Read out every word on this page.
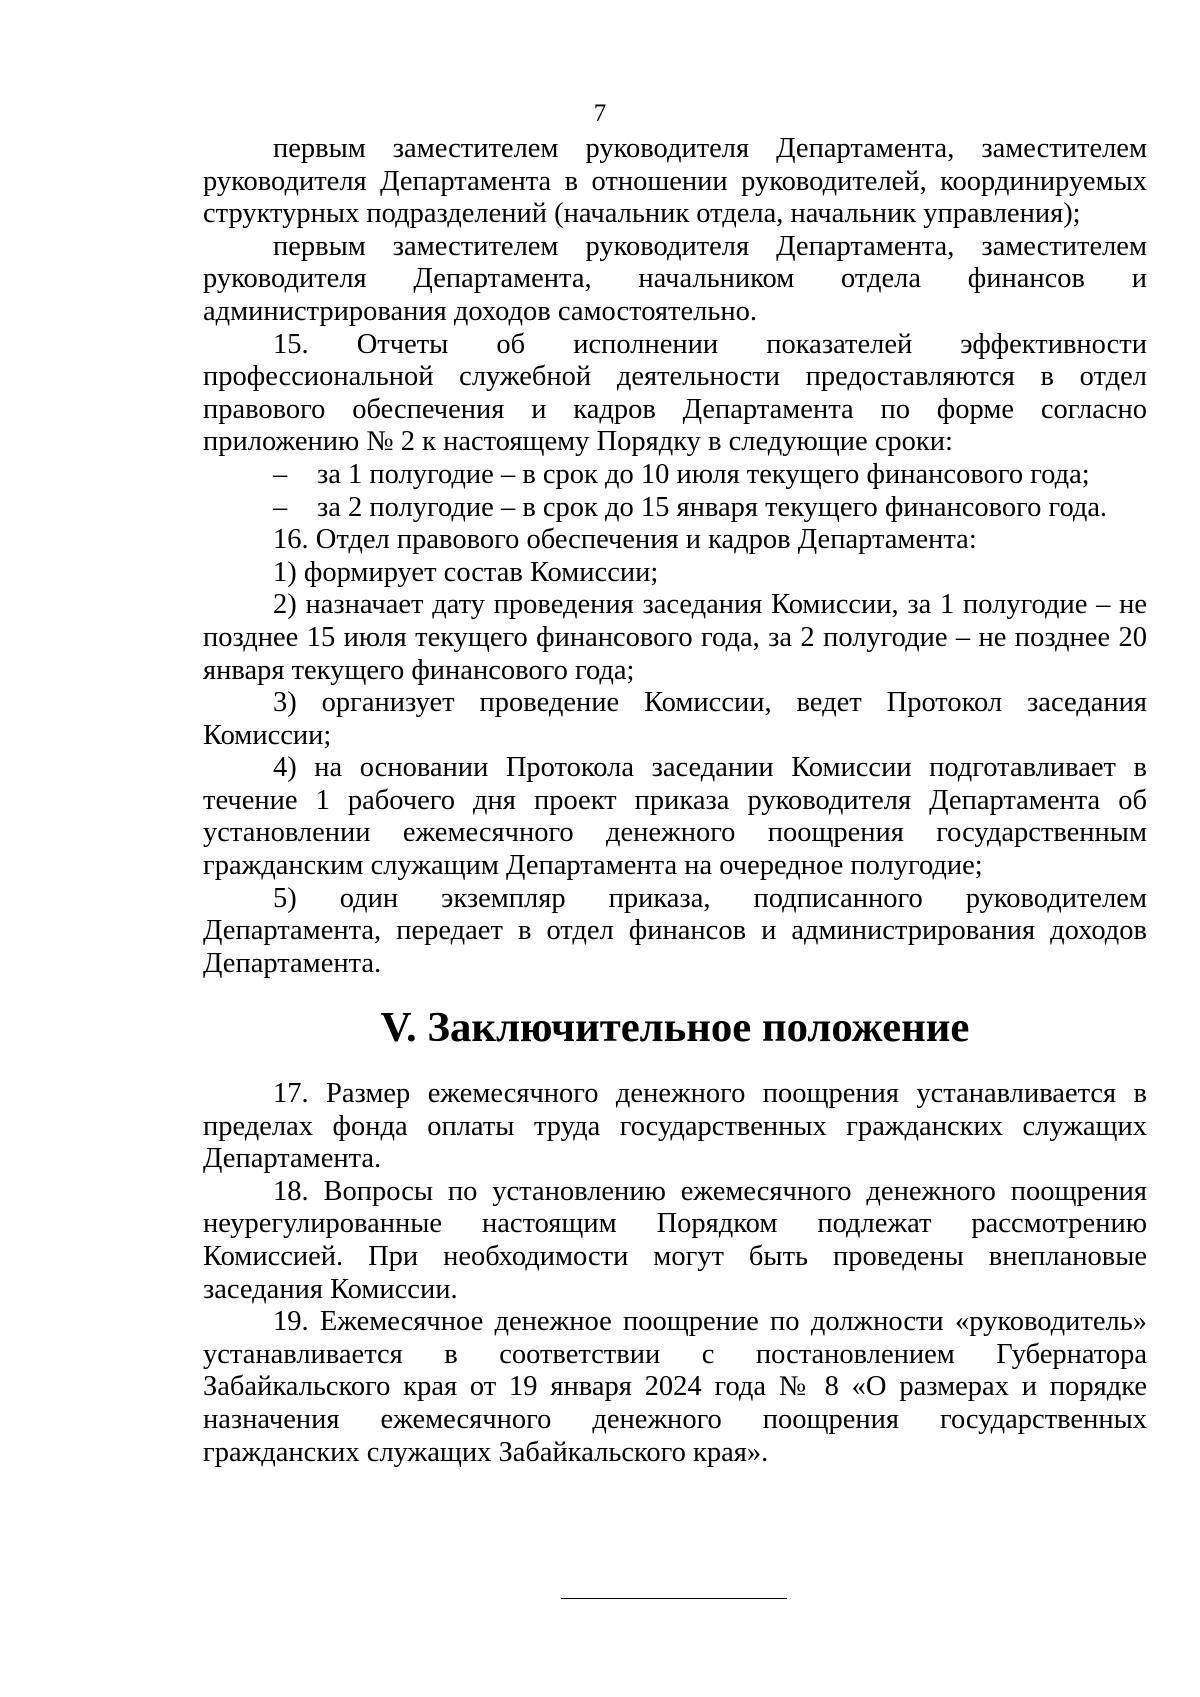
7

первым заместителем руководителя Департамента, заместителем руководителя Департамента в отношении руководителей, координируемых структурных подразделений (начальник отдела, начальник управления);

первым заместителем руководителя Департамента, заместителем руководителя Департамента, начальником отдела финансов и администрирования доходов самостоятельно.

15. Отчеты об исполнении показателей эффективности профессиональной служебной деятельности предоставляются в отдел правового обеспечения и кадров Департамента по форме согласно приложению № 2 к настоящему Порядку в следующие сроки:

– за 1 полугодие – в срок до 10 июля текущего финансового года;

– за 2 полугодие – в срок до 15 января текущего финансового года.

16. Отдел правового обеспечения и кадров Департамента:

1) формирует состав Комиссии;

2) назначает дату проведения заседания Комиссии, за 1 полугодие – не позднее 15 июля текущего финансового года, за 2 полугодие – не позднее 20 января текущего финансового года;

3) организует проведение Комиссии, ведет Протокол заседания Комиссии;

4) на основании Протокола заседании Комиссии подготавливает в течение 1 рабочего дня проект приказа руководителя Департамента об установлении ежемесячного денежного поощрения государственным гражданским служащим Департамента на очередное полугодие;

5) один экземпляр приказа, подписанного руководителем Департамента, передает в отдел финансов и администрирования доходов Департамента.

V. Заключительное положение

17. Размер ежемесячного денежного поощрения устанавливается в пределах фонда оплаты труда государственных гражданских служащих Департамента.

18. Вопросы по установлению ежемесячного денежного поощрения неурегулированные настоящим Порядком подлежат рассмотрению Комиссией. При необходимости могут быть проведены внеплановые заседания Комиссии.

19. Ежемесячное денежное поощрение по должности «руководитель» устанавливается в соответствии с постановлением Губернатора Забайкальского края от 19 января 2024 года № 8 «О размерах и порядке назначения ежемесячного денежного поощрения государственных гражданских служащих Забайкальского края».
